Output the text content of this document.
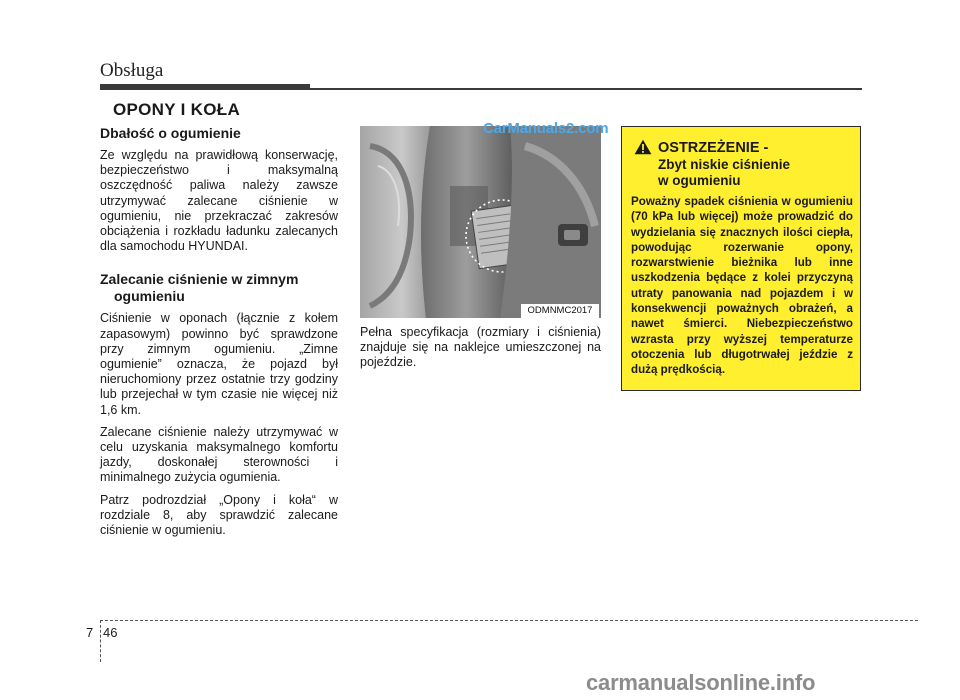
Obsługa
OPONY I KOŁA
Dbałość o ogumienie

Ze względu na prawidłową konserwację, bezpieczeństwo i maksymalną oszczędność paliwa należy zawsze utrzymywać zalecane ciśnienie w ogumieniu, nie przekraczać zakresów obciążenia i rozkładu ładunku zalecanych dla samochodu HYUNDAI.

Zalecanie ciśnienie w zimnym
ogumieniu

Ciśnienie w oponach (łącznie z kołem zapasowym) powinno być sprawdzone przy zimnym ogumieniu. „Zimne ogumienie” oznacza, że pojazd był nieruchomiony przez ostatnie trzy godziny lub przejechał w tym czasie nie więcej niż 1,6 km.

Zalecane ciśnienie należy utrzymywać w celu uzyskania maksymalnego komfortu jazdy, doskonałej sterowności i minimalnego zużycia ogumienia.

Patrz podrozdział „Opony i koła“ w rozdziale 8, aby sprawdzić zalecane ciśnienie w ogumieniu.

CarManuals2.com
ODMNMC2017

Pełna specyfikacja (rozmiary i ciśnienia) znajduje się na naklejce umieszczonej na pojeździe.

OSTRZEŻENIE -
Zbyt niskie ciśnienie
w ogumieniu
Poważny spadek ciśnienia w ogumieniu (70 kPa lub więcej) może prowadzić do wydzielania się znacznych ilości ciepła, powodując rozerwanie opony, rozwarstwienie bieżnika lub inne uszkodzenia będące z kolei przyczyną utraty panowania nad pojazdem i w konsekwencji poważnych obrażeń, a nawet śmierci. Niebezpieczeństwo wzrasta przy wyższej temperaturze otoczenia lub długotrwałej jeździe z dużą prędkością.
7 46
carmanualsonline.info
